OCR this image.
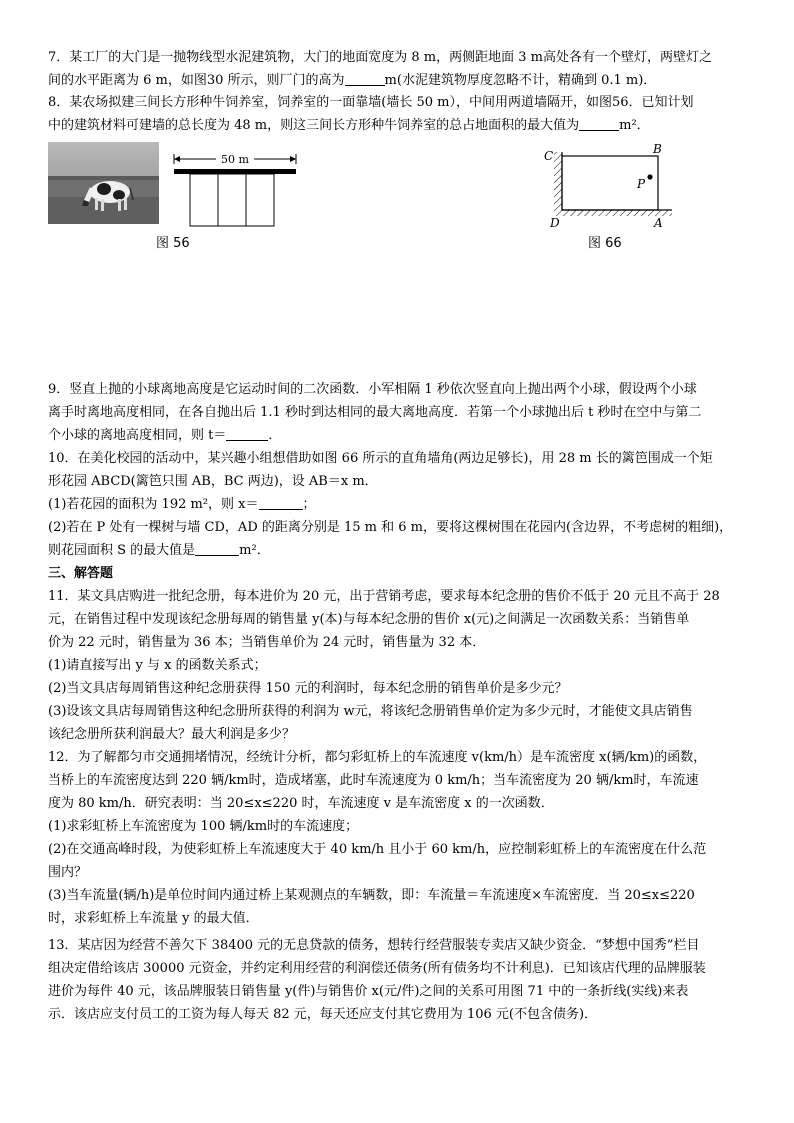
7．某工厂的大门是一抛物线型水泥建筑物，大门的地面宽度为 8 m，两侧距地面 3 m高处各有一个壁灯，两壁灯之
间的水平距离为 6 m，如图30 所示，则厂门的高为	m(水泥建筑物厚度忽略不计，精确到 0.1 m)．
8．某农场拟建三间长方形种牛饲养室，饲养室的一面靠墙(墙长 50 m），中间用两道墙隔开，如图56．已知计划
中的建筑材料可建墙的总长度为 48 m，则这三间长方形种牛饲养室的总占地面积的最大值为	m²．
50 m
图 56
C	B
P
D	A
图 66
9．竖直上抛的小球离地高度是它运动时间的二次函数．小军相隔 1 秒依次竖直向上抛出两个小球，假设两个小球
离手时离地高度相同，在各自抛出后 1.1 秒时到达相同的最大离地高度．若第一个小球抛出后 t 秒时在空中与第二
个小球的离地高度相同，则 t＝	．
10．在美化校园的活动中，某兴趣小组想借助如图 66 所示的直角墙角(两边足够长)，用 28 m 长的篱笆围成一个矩
形花园 ABCD(篱笆只围 AB，BC 两边)，设 AB＝x m．
(1)若花园的面积为 192 m²，则 x＝	；
(2)若在 P 处有一棵树与墙 CD，AD 的距离分别是 15 m 和 6 m，要将这棵树围在花园内(含边界，不考虑树的粗细)，
则花园面积 S 的最大值是	m²．
三、解答题
11．某文具店购进一批纪念册，每本进价为 20 元，出于营销考虑，要求每本纪念册的售价不低于 20 元且不高于 28
元，在销售过程中发现该纪念册每周的销售量 y(本)与每本纪念册的售价 x(元)之间满足一次函数关系：当销售单
价为 22 元时，销售量为 36 本；当销售单价为 24 元时，销售量为 32 本．
(1)请直接写出 y 与 x 的函数关系式；
(2)当文具店每周销售这种纪念册获得 150 元的利润时，每本纪念册的销售单价是多少元？
(3)设该文具店每周销售这种纪念册所获得的利润为 w元，将该纪念册销售单价定为多少元时，才能使文具店销售
该纪念册所获利润最大？最大利润是多少？
12．为了解都匀市交通拥堵情况，经统计分析，都匀彩虹桥上的车流速度 v(km/h）是车流密度 x(辆/km)的函数，
当桥上的车流密度达到 220 辆/km时，造成堵塞，此时车流速度为 0 km/h；当车流密度为 20 辆/km时，车流速
度为 80 km/h．研究表明：当 20≤x≤220 时，车流速度 v 是车流密度 x 的一次函数．
(1)求彩虹桥上车流密度为 100 辆/km时的车流速度；
(2)在交通高峰时段，为使彩虹桥上车流速度大于 40 km/h 且小于 60 km/h，应控制彩虹桥上的车流密度在什么范
围内？
(3)当车流量(辆/h)是单位时间内通过桥上某观测点的车辆数，即：车流量＝车流速度×车流密度．当 20≤x≤220
时，求彩虹桥上车流量 y 的最大值．
13．某店因为经营不善欠下 38400 元的无息贷款的债务，想转行经营服装专卖店又缺少资金．“梦想中国秀”栏目
组决定借给该店 30000 元资金，并约定利用经营的利润偿还债务(所有债务均不计利息)．已知该店代理的品牌服装
进价为每件 40 元，该品牌服装日销售量 y(件)与销售价 x(元/件)之间的关系可用图 71 中的一条折线(实线)来表
示．该店应支付员工的工资为每人每天 82 元，每天还应支付其它费用为 106 元(不包含债务)．
